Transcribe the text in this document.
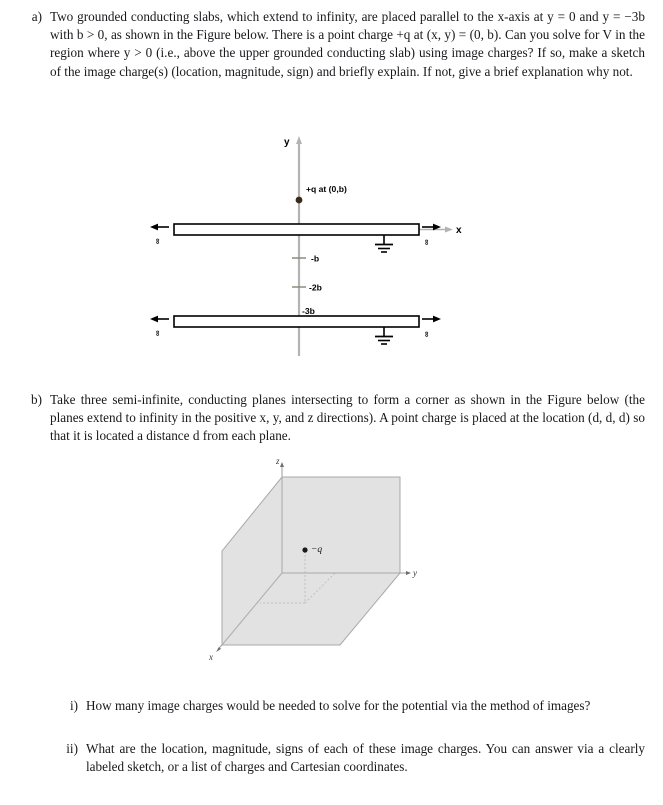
a) Two grounded conducting slabs, which extend to infinity, are placed parallel to the x-axis at y = 0 and y = −3b with b > 0, as shown in the Figure below. There is a point charge +q at (x, y) = (0, b). Can you solve for V in the region where y > 0 (i.e., above the upper grounded conducting slab) using image charges? If so, make a sketch of the image charge(s) (location, magnitude, sign) and briefly explain. If not, give a brief explanation why not.
y
+q at (0,b)
x
∞	∞
-b
-2b
-3b
∞	∞
b) Take three semi-infinite, conducting planes intersecting to form a corner as shown in the Figure below (the planes extend to infinity in the positive x, y, and z directions). A point charge is placed at the location (d, d, d) so that it is located a distance d from each plane.
z
y
x
−q
i) How many image charges would be needed to solve for the potential via the method of images?
ii) What are the location, magnitude, signs of each of these image charges. You can answer via a clearly labeled sketch, or a list of charges and Cartesian coordinates.
